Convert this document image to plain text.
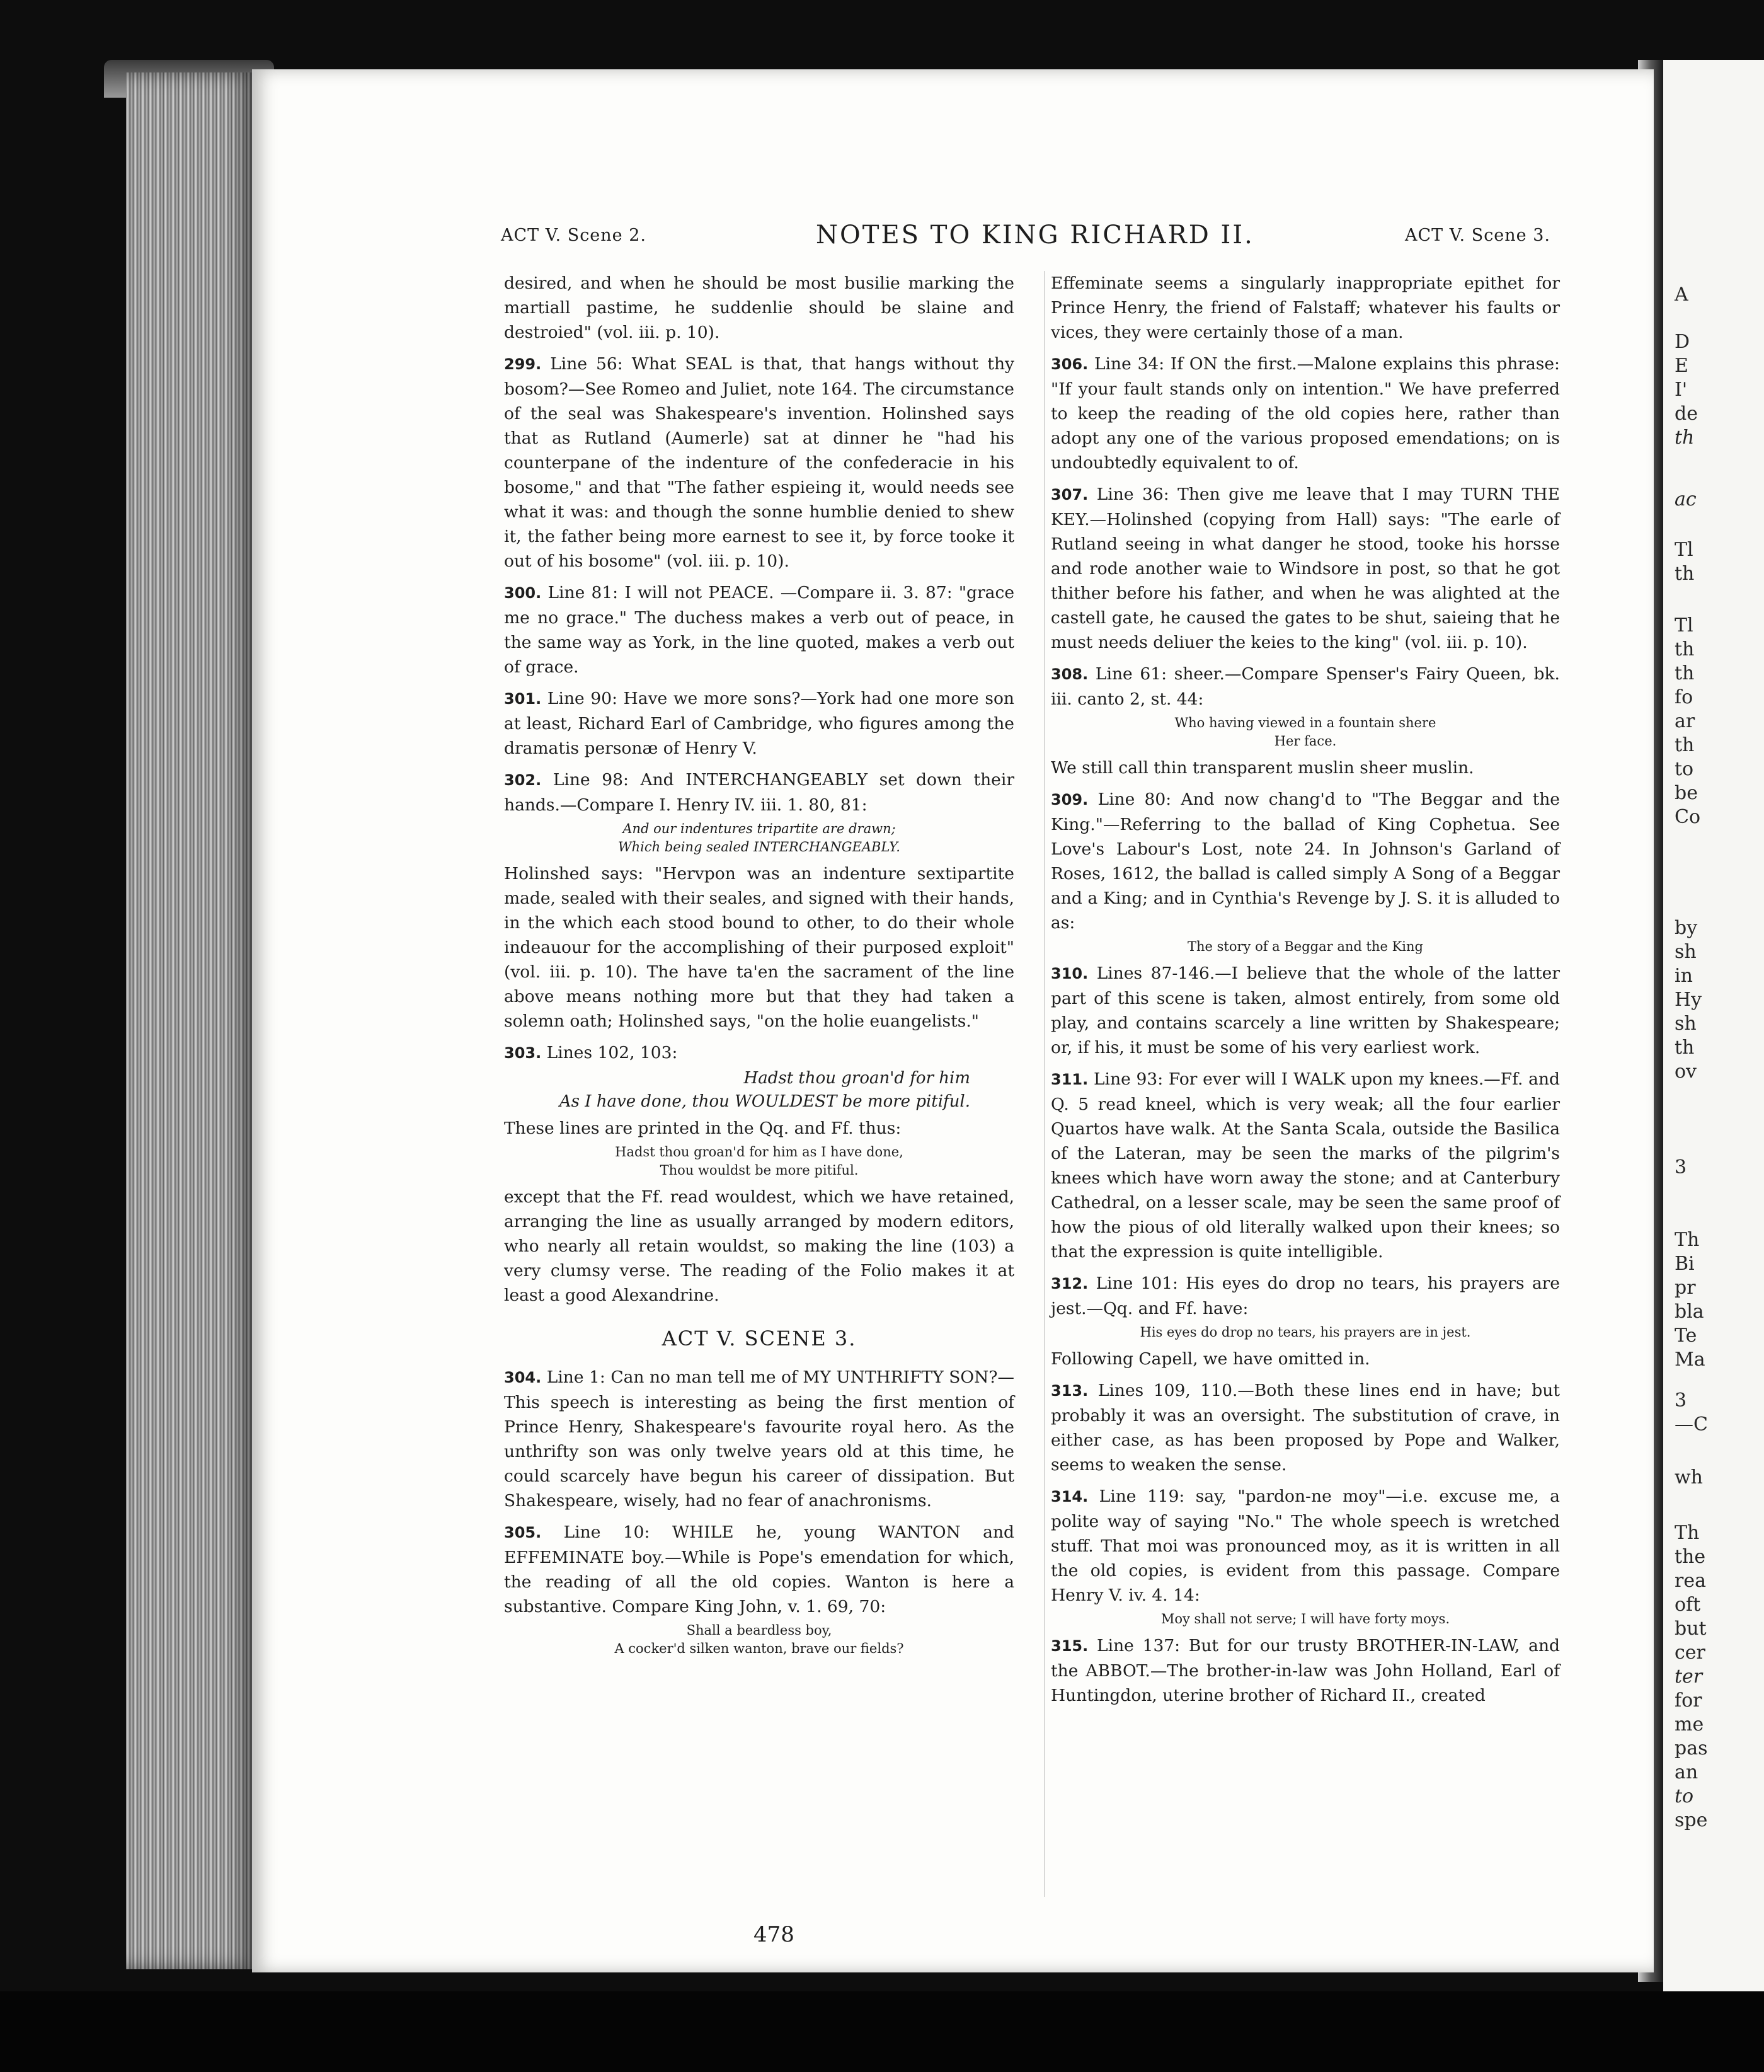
A
D
E
I'
de
th
ac
Tl
th
Tl
th
th
fo
ar
th
to
be
Co
by
sh
in
Hy
sh
th
ov
3
Th
Bi
pr
bla
Te
Ma
3
—C
wh
Th
the
rea
oft
but
cer
ter
for
me
pas
an
to
spe
ACT V. Scene 2.	NOTES TO KING RICHARD II.	ACT V. Scene 3.

desired, and when he should be most busilie marking the martiall pastime, he suddenlie should be slaine and destroied" (vol. iii. p. 10).

299. Line 56: What SEAL is that, that hangs without thy bosom?—See Romeo and Juliet, note 164. The circumstance of the seal was Shakespeare's invention. Holinshed says that as Rutland (Aumerle) sat at dinner he "had his counterpane of the indenture of the confederacie in his bosome," and that "The father espieing it, would needs see what it was: and though the sonne humblie denied to shew it, the father being more earnest to see it, by force tooke it out of his bosome" (vol. iii. p. 10).

300. Line 81: I will not PEACE. —Compare ii. 3. 87: "grace me no grace." The duchess makes a verb out of peace, in the same way as York, in the line quoted, makes a verb out of grace.

301. Line 90: Have we more sons?—York had one more son at least, Richard Earl of Cambridge, who figures among the dramatis personæ of Henry V.

302. Line 98: And INTERCHANGEABLY set down their hands.—Compare I. Henry IV. iii. 1. 80, 81:

And our indentures tripartite are drawn;
Which being sealed INTERCHANGEABLY.

Holinshed says: "Hervpon was an indenture sextipartite made, sealed with their seales, and signed with their hands, in the which each stood bound to other, to do their whole indeauour for the accomplishing of their purposed exploit" (vol. iii. p. 10). The have ta'en the sacrament of the line above means nothing more but that they had taken a solemn oath; Holinshed says, "on the holie euangelists."

303. Lines 102, 103:

Hadst thou groan'd for him
As I have done, thou WOULDEST be more pitiful.

These lines are printed in the Qq. and Ff. thus:

Hadst thou groan'd for him as I have done,
Thou wouldst be more pitiful.

except that the Ff. read wouldest, which we have retained, arranging the line as usually arranged by modern editors, who nearly all retain wouldst, so making the line (103) a very clumsy verse. The reading of the Folio makes it at least a good Alexandrine.

ACT V. SCENE 3.

304. Line 1: Can no man tell me of MY UNTHRIFTY SON?—This speech is interesting as being the first mention of Prince Henry, Shakespeare's favourite royal hero. As the unthrifty son was only twelve years old at this time, he could scarcely have begun his career of dissipation. But Shakespeare, wisely, had no fear of anachronisms.

305. Line 10: WHILE he, young WANTON and EFFEMINATE boy.—While is Pope's emendation for which, the reading of all the old copies. Wanton is here a substantive. Compare King John, v. 1. 69, 70:

Shall a beardless boy,
A cocker'd silken wanton, brave our fields?

Effeminate seems a singularly inappropriate epithet for Prince Henry, the friend of Falstaff; whatever his faults or vices, they were certainly those of a man.

306. Line 34: If ON the first.—Malone explains this phrase: "If your fault stands only on intention." We have preferred to keep the reading of the old copies here, rather than adopt any one of the various proposed emendations; on is undoubtedly equivalent to of.

307. Line 36: Then give me leave that I may TURN THE KEY.—Holinshed (copying from Hall) says: "The earle of Rutland seeing in what danger he stood, tooke his horsse and rode another waie to Windsore in post, so that he got thither before his father, and when he was alighted at the castell gate, he caused the gates to be shut, saieing that he must needs deliuer the keies to the king" (vol. iii. p. 10).

308. Line 61: sheer.—Compare Spenser's Fairy Queen, bk. iii. canto 2, st. 44:

Who having viewed in a fountain shere
Her face.

We still call thin transparent muslin sheer muslin.

309. Line 80: And now chang'd to "The Beggar and the King."—Referring to the ballad of King Cophetua. See Love's Labour's Lost, note 24. In Johnson's Garland of Roses, 1612, the ballad is called simply A Song of a Beggar and a King; and in Cynthia's Revenge by J. S. it is alluded to as:

The story of a Beggar and the King

310. Lines 87-146.—I believe that the whole of the latter part of this scene is taken, almost entirely, from some old play, and contains scarcely a line written by Shakespeare; or, if his, it must be some of his very earliest work.

311. Line 93: For ever will I WALK upon my knees.—Ff. and Q. 5 read kneel, which is very weak; all the four earlier Quartos have walk. At the Santa Scala, outside the Basilica of the Lateran, may be seen the marks of the pilgrim's knees which have worn away the stone; and at Canterbury Cathedral, on a lesser scale, may be seen the same proof of how the pious of old literally walked upon their knees; so that the expression is quite intelligible.

312. Line 101: His eyes do drop no tears, his prayers are jest.—Qq. and Ff. have:

His eyes do drop no tears, his prayers are in jest.

Following Capell, we have omitted in.

313. Lines 109, 110.—Both these lines end in have; but probably it was an oversight. The substitution of crave, in either case, as has been proposed by Pope and Walker, seems to weaken the sense.

314. Line 119: say, "pardon-ne moy"—i.e. excuse me, a polite way of saying "No." The whole speech is wretched stuff. That moi was pronounced moy, as it is written in all the old copies, is evident from this passage. Compare Henry V. iv. 4. 14:

Moy shall not serve; I will have forty moys.

315. Line 137: But for our trusty BROTHER-IN-LAW, and the ABBOT.—The brother-in-law was John Holland, Earl of Huntingdon, uterine brother of Richard II., created

478
